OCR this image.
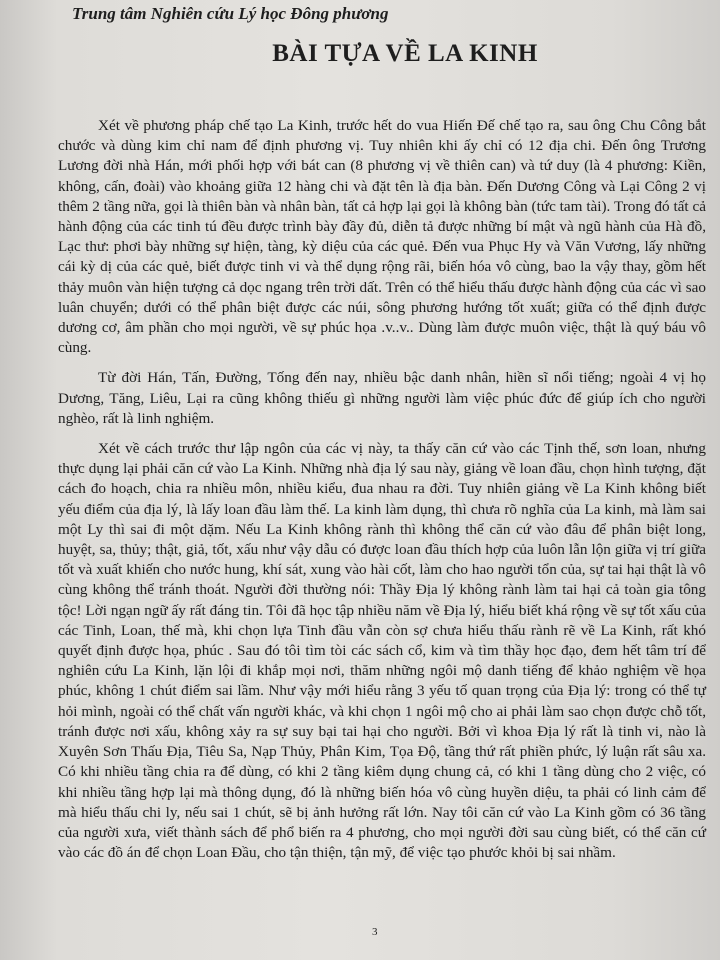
Trung tâm Nghiên cứu Lý học Đông phương
BÀI TỰA VỀ LA KINH

Xét về phương pháp chế tạo La Kinh, trước hết do vua Hiến Đế chế tạo ra, sau ông Chu Công bắt chước và dùng kim chỉ nam để định phương vị. Tuy nhiên khi ấy chỉ có 12 địa chi. Đến ông Trương Lương đời nhà Hán, mới phối hợp với bát can (8 phương vị về thiên can) và tứ duy (là 4 phương: Kiền, không, cấn, đoài) vào khoảng giữa 12 hàng chi và đặt tên là địa bàn. Đến Dương Công và Lại Công 2 vị thêm 2 tầng nữa, gọi là thiên bàn và nhân bàn, tất cả hợp lại gọi là không bàn (tức tam tài). Trong đó tất cả hành động của các tinh tú đều được trình bày đầy đủ, diễn tả được những bí mật và ngũ hành của Hà đồ, Lạc thư: phơi bày những sự hiện, tàng, kỳ diệu của các quẻ. Đến vua Phục Hy và Văn Vương, lấy những cái kỳ dị của các quẻ, biết được tinh vi và thể dụng rộng rãi, biến hóa vô cùng, bao la vậy thay, gồm hết thảy muôn vàn hiện tượng cả dọc ngang trên trời dất. Trên có thể hiểu thấu được hành động của các vì sao luân chuyển; dưới có thể phân biệt được các núi, sông phương hướng tốt xuất; giữa có thể định được dương cơ, âm phần cho mọi người, về sự phúc họa .v..v.. Dùng làm được muôn việc, thật là quý báu vô cùng.

Từ đời Hán, Tấn, Đường, Tống đến nay, nhiều bậc danh nhân, hiền sĩ nổi tiếng; ngoài 4 vị họ Dương, Tăng, Liêu, Lại ra cũng không thiếu gì những người làm việc phúc đức để giúp ích cho người nghèo, rất là linh nghiệm.

Xét về cách trước thư lập ngôn của các vị này, ta thấy căn cứ vào các Tịnh thế, sơn loan, nhưng thực dụng lại phải căn cứ vào La Kinh. Những nhà địa lý sau này, giảng về loan đầu, chọn hình tượng, đặt cách đo hoạch, chia ra nhiều môn, nhiều kiểu, đua nhau ra đời. Tuy nhiên giảng về La Kinh không biết yếu điểm của địa lý, là lấy loan đầu làm thế. La kinh làm dụng, thì chưa rõ nghĩa của La kinh, mà làm sai một Ly thì sai đi một dặm. Nếu La Kinh không rành thì không thể căn cứ vào đâu để phân biệt long, huyệt, sa, thủy; thật, giả, tốt, xấu như vậy dẫu có được loan đầu thích hợp của luôn lẫn lộn giữa vị trí giữa tốt và xuất khiến cho nước hung, khí sát, xung vào hài cốt, làm cho hao người tổn của, sự tai hại thật là vô cùng không thể tránh thoát. Người đời thường nói: Thầy Địa lý không rành làm tai hại cả toàn gia tông tộc! Lời ngạn ngữ ấy rất đáng tin. Tôi đã học tập nhiều năm về Địa lý, hiểu biết khá rộng về sự tốt xấu của các Tinh, Loan, thế mà, khi chọn lựa Tinh đầu vẫn còn sợ chưa hiểu thấu rành rẽ về La Kinh, rất khó quyết định được họa, phúc . Sau đó tôi tìm tòi các sách cổ, kim và tìm thầy học đạo, đem hết tâm trí để nghiên cứu La Kinh, lặn lội đi khắp mọi nơi, thăm những ngôi mộ danh tiếng để khảo nghiệm về họa phúc, không 1 chút điểm sai lầm. Như vậy mới hiểu rằng 3 yếu tố quan trọng của Địa lý: trong có thể tự hỏi mình, ngoài có thể chất vấn người khác, và khi chọn 1 ngôi mộ cho ai phải làm sao chọn được chỗ tốt, tránh được nơi xấu, không xảy ra sự suy bại tai hại cho người. Bởi vì khoa Địa lý rất là tinh vi, nào là Xuyên Sơn Thấu Địa, Tiêu Sa, Nạp Thủy, Phân Kim, Tọa Độ, tầng thứ rất phiền phức, lý luận rất sâu xa. Có khi nhiều tầng chia ra để dùng, có khi 2 tầng kiêm dụng chung cả, có khi 1 tầng dùng cho 2 việc, có khi nhiều tầng hợp lại mà thông dụng, đó là những biến hóa vô cùng huyền diệu, ta phải có linh cảm để mà hiểu thấu chi ly, nếu sai 1 chút, sẽ bị ảnh hưởng rất lớn. Nay tôi căn cứ vào La Kinh gồm có 36 tầng của người xưa, viết thành sách để phổ biến ra 4 phương, cho mọi người đời sau cùng biết, có thể căn cứ vào các đồ án để chọn Loan Đầu, cho tận thiện, tận mỹ, để việc tạo phước khỏi bị sai nhầm.

3
